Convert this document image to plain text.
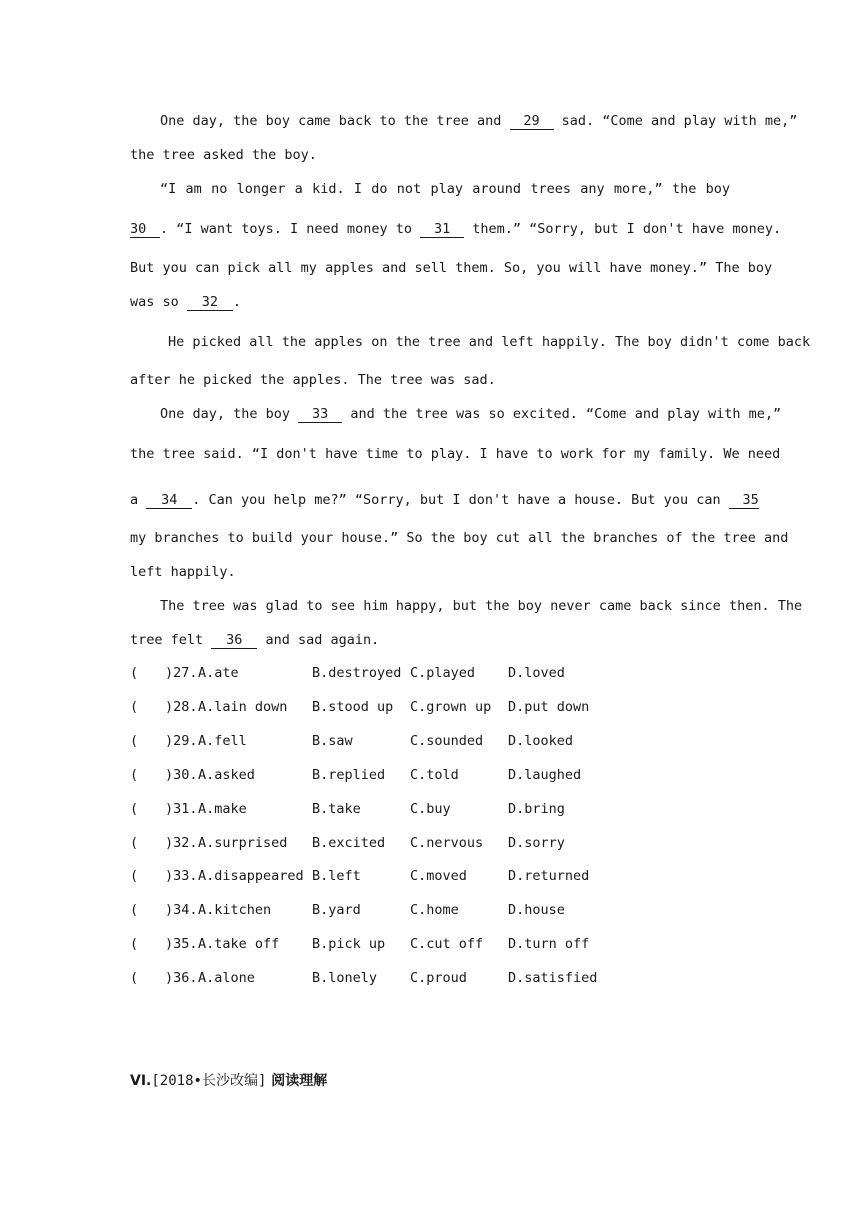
One day, the boy came back to the tree and 29 sad. “Come and play with me,”
the tree asked the boy.
“I am no longer a kid. I do not play around trees any more,” the boy
30 . “I want toys. I need money to 31 them.” “Sorry, but I don't have money.
But you can pick all my apples and sell them. So, you will have money.” The boy
was so 32 .
He picked all the apples on the tree and left happily. The boy didn't come back
after he picked the apples. The tree was sad.
One day, the boy 33 and the tree was so excited. “Come and play with me,”
the tree said. “I don't have time to play. I have to work for my family. We need
a 34 . Can you help me?” “Sorry, but I don't have a house. But you can 35
my branches to build your house.” So the boy cut all the branches of the tree and
left happily.
The tree was glad to see him happy, but the boy never came back since then. The
tree felt 36 and sad again.
( )27. A.ate	B.destroyed C.played D.loved
( )28. A.lain down B.stood up C.grown up D.put down
( )29. A.fell	B.saw	C.sounded D.looked
( )30. A.asked	B.replied C.told	D.laughed
( )31. A.make	B.take	C.buy	D.bring
( )32. A.surprised B.excited C.nervous D.sorry
( )33. A.disappeared B.left	C.moved	D.returned
( )34. A.kitchen	B.yard	C.home	D.house
( )35. A.take off B.pick up C.cut off D.turn off
( )36. A.alone	B.lonely C.proud	D.satisfied
VI.[2018•长沙改编] 阅读理解
